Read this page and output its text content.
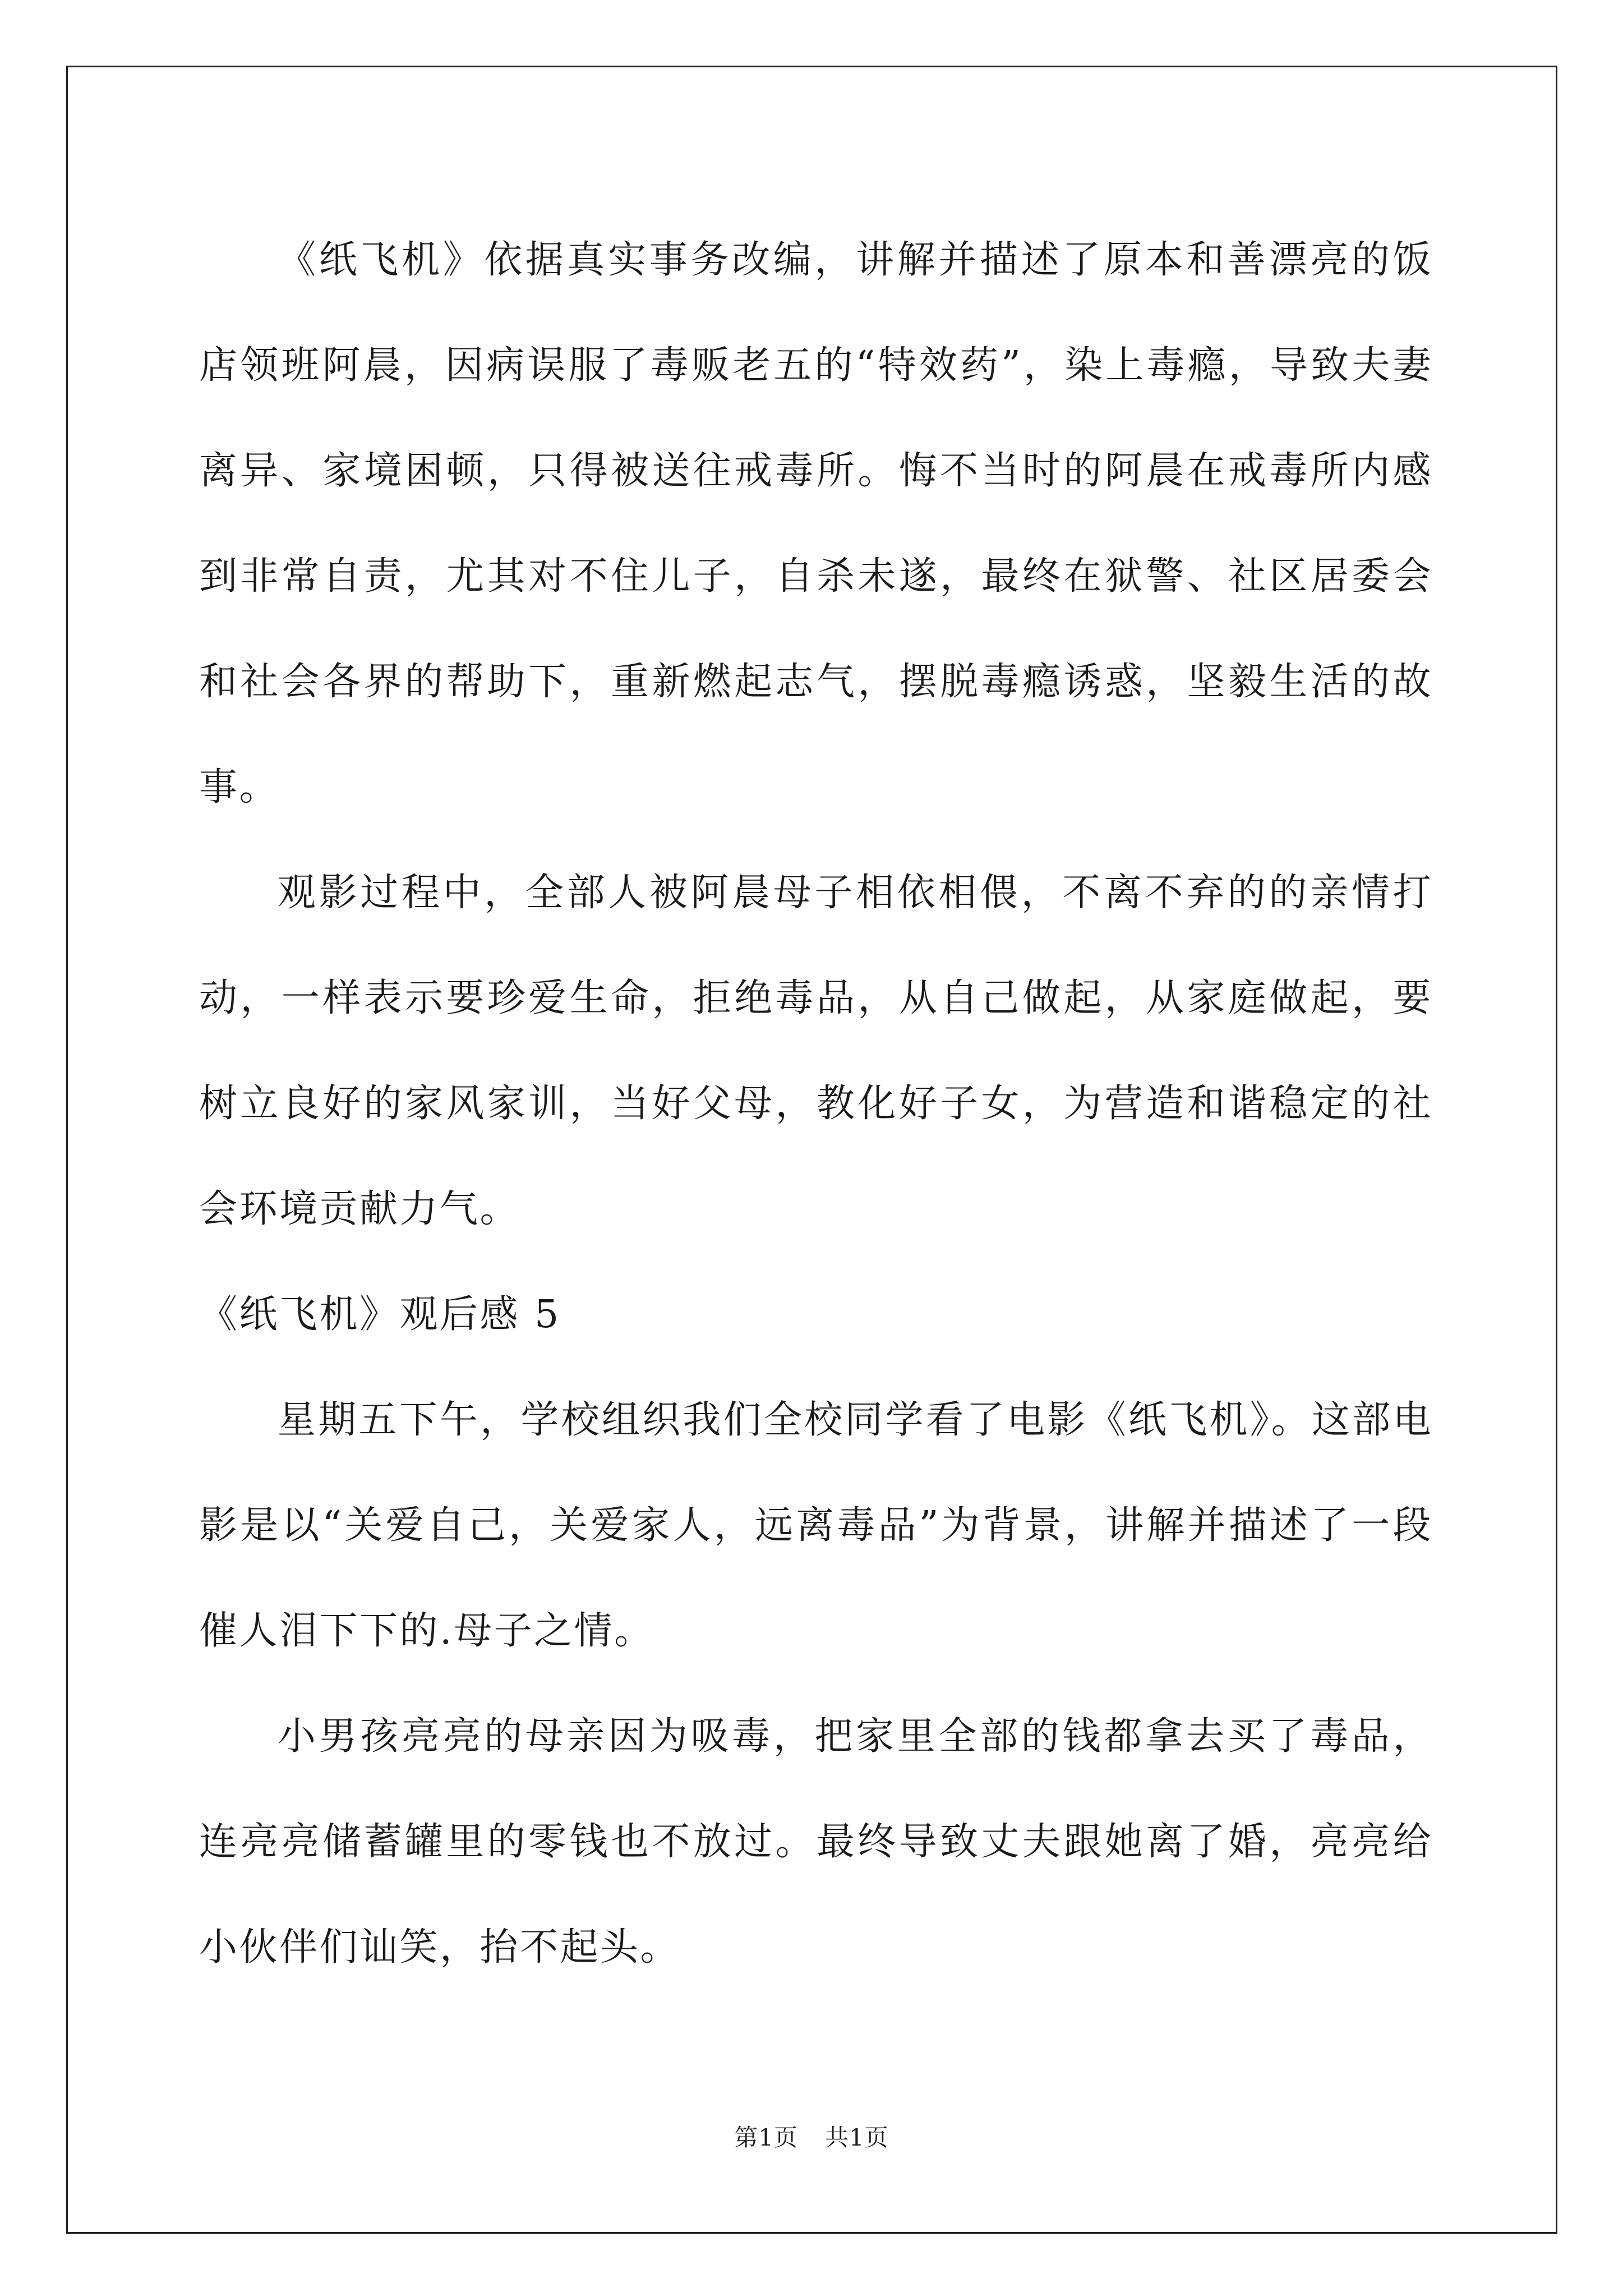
《纸飞机》依据真实事务改编，讲解并描述了原本和善漂亮的饭店领班阿晨，因病误服了毒贩老五的“特效药”，染上毒瘾，导致夫妻离异、家境困顿，只得被送往戒毒所。悔不当时的阿晨在戒毒所内感到非常自责，尤其对不住儿子，自杀未遂，最终在狱警、社区居委会和社会各界的帮助下，重新燃起志气，摆脱毒瘾诱惑，坚毅生活的故事。

观影过程中，全部人被阿晨母子相依相偎，不离不弃的的亲情打动，一样表示要珍爱生命，拒绝毒品，从自己做起，从家庭做起，要树立良好的家风家训，当好父母，教化好子女，为营造和谐稳定的社会环境贡献力气。

《纸飞机》观后感 5

星期五下午，学校组织我们全校同学看了电影《纸飞机》。这部电影是以“关爱自己，关爱家人，远离毒品”为背景，讲解并描述了一段催人泪下下的.母子之情。

小男孩亮亮的母亲因为吸毒，把家里全部的钱都拿去买了毒品，连亮亮储蓄罐里的零钱也不放过。最终导致丈夫跟她离了婚，亮亮给小伙伴们讪笑，抬不起头。

第1页 共1页
